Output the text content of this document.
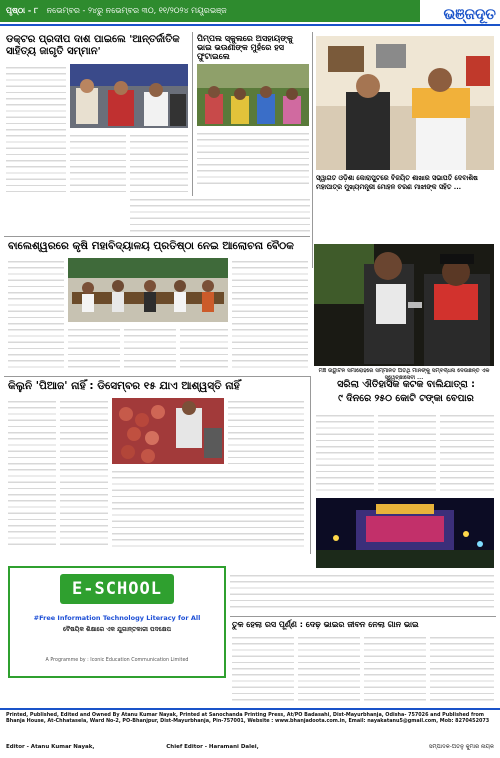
ପୃଷ୍ଠା - ୮ ନଭେମ୍ବର - ୨୪ରୁ ନଭେମ୍ବର ୩୦, ୧୧/୨୦୨୪ ମୟୂରଭଞ୍ଜ	ଭଞ୍ଜଦୂତ
ଡକ୍ଟର ପ୍ରଦୀପ ଦାଶ ପାଇଲେ 'ଆନ୍ତର୍ଜାତିକ ସାହିତ୍ୟ ଜାଗୃତି ସମ୍ମାନ'
ପିମ୍ପଲ ସ୍କୁଲରେ ଅସହାୟଙ୍କୁ ଭାଇ ଭଉଣୀଙ୍କ ମୁହଁରେ ହସ ଫୁଟାଇଲେ
ସ୍ୱାଗତ ଓଡ଼ିଶା କୋରାପୁଟରେ ବିଜୟିତ ଶାଖାର ସଭାପତି ଦେବାଶିଷ ମହାପାତ୍ର ମୁଖ୍ୟମନ୍ତ୍ରୀ ମୋହନ ଚରଣ ମାଝୀଙ୍କ ସହିତ ...
ବାଲେଶ୍ୱରରେ କୃଷି ମହାବିଦ୍ୟାଳୟ ପ୍ରତିଷ୍ଠା ନେଇ ଆଲୋଚନା ବୈଠକ
ମଞ୍ଚ ଉଦ୍ଘାଟନ ସମାରୋହରେ ସମ୍ମାନିତ ଅତିଥି ମାନଙ୍କୁ ସମ୍ବର୍ଦ୍ଧନା ଦେଉଛନ୍ତି ଏକ ସ୍ୱେଚ୍ଛାସେବୀ ...
କିଲୁନି 'ପିଆଜ' ନାହିଁ : ଡିସେମ୍ବର ୧୫ ଯାଏ ଆଶ୍ୱସ୍ତି ନାହିଁ	ସରିଲା ଐତିହାସିକ କଟକ ବାଲିଯାତ୍ରା :
୯ ଦିନରେ ୨୫୦ କୋଟି ଟଙ୍କା ବେପାର
E-SCHOOL
#Free Information Technology Literacy for All
ବୈଷୟିକ ଶିକ୍ଷାରେ ଏକ ଯୁଗାନ୍ତକାରୀ ପଦକ୍ଷେପ
A Programme by : Iconic Education Communication Limited
ତୁଳ ହେଲା ରସ ପୂର୍ଣ୍ଣ : ଦେଢ଼ ଭାଇର ଜୀବନ ନେଲା ଗାନ ଭାଇ
Printed, Published, Edited and Owned By Atanu Kumar Nayak, Printed at Sanochanda Printing Press, At/PO Badasahi, Dist-Mayurbhanja, Odisha- 757026 and Published from Bhanja House, At-Chhatasela, Ward No-2, PO-Bhanjpur, Dist-Mayurbhanja, Pin-757001, Website : www.bhanjadoota.com.in, Email: nayakatanu5@gmail.com, Mob: 8270452073
Editor - Atanu Kumar Nayak,	Chief Editor - Haramani Dalei,	ସମ୍ପାଦକ-ଅତନୁ କୁମାର ନାୟକ
